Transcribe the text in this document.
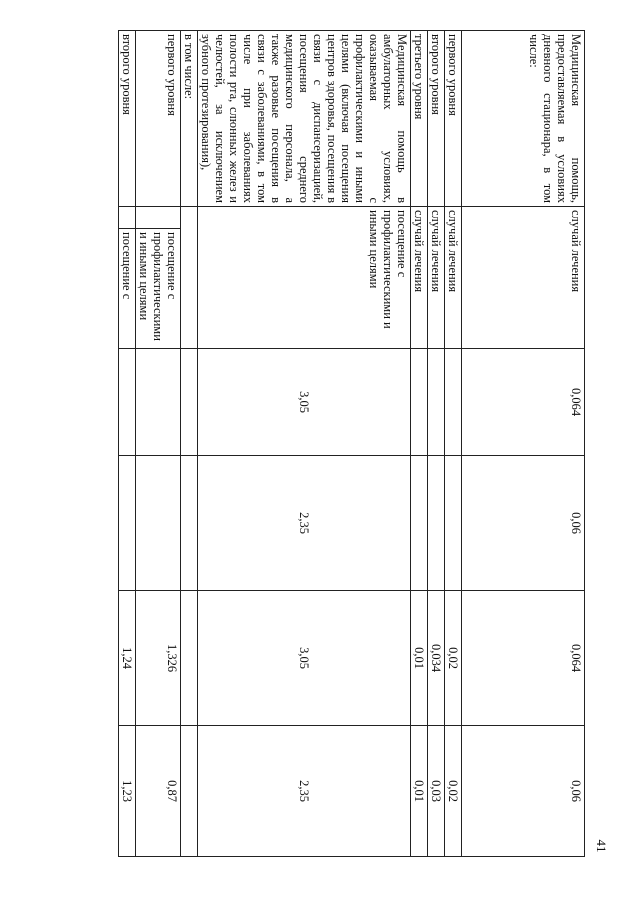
41
Медицинская помощь, предоставляемая в условиях дневного стационара, в том числе:	случай лечения		0,064	0,06	0,064	0,06
первого уровня	случай лечения				0,02	0,02
второго уровня	случай лечения				0,034	0,03
третьего уровня	случай лечения				0,01	0,01
Медицинская помощь в амбулаторных условиях, оказываемая с профилактическими и иными целями (включая посещения центров здоровья, посещения в связи с диспансеризацией, посещения среднего медицинского персонала, а также разовые посещения в связи с заболеваниями, в том числе при заболеваниях полости рта, слюнных желез и челюстей, за исключением зубного протезирования),	посещение с профилактическими и иными целями		3,05	2,35	3,05	2,35
в том числе:						
первого уровня		посещение с профилактическими и иными целями			1,326	0,87
второго уровня		посещение с			1,24	1,23
